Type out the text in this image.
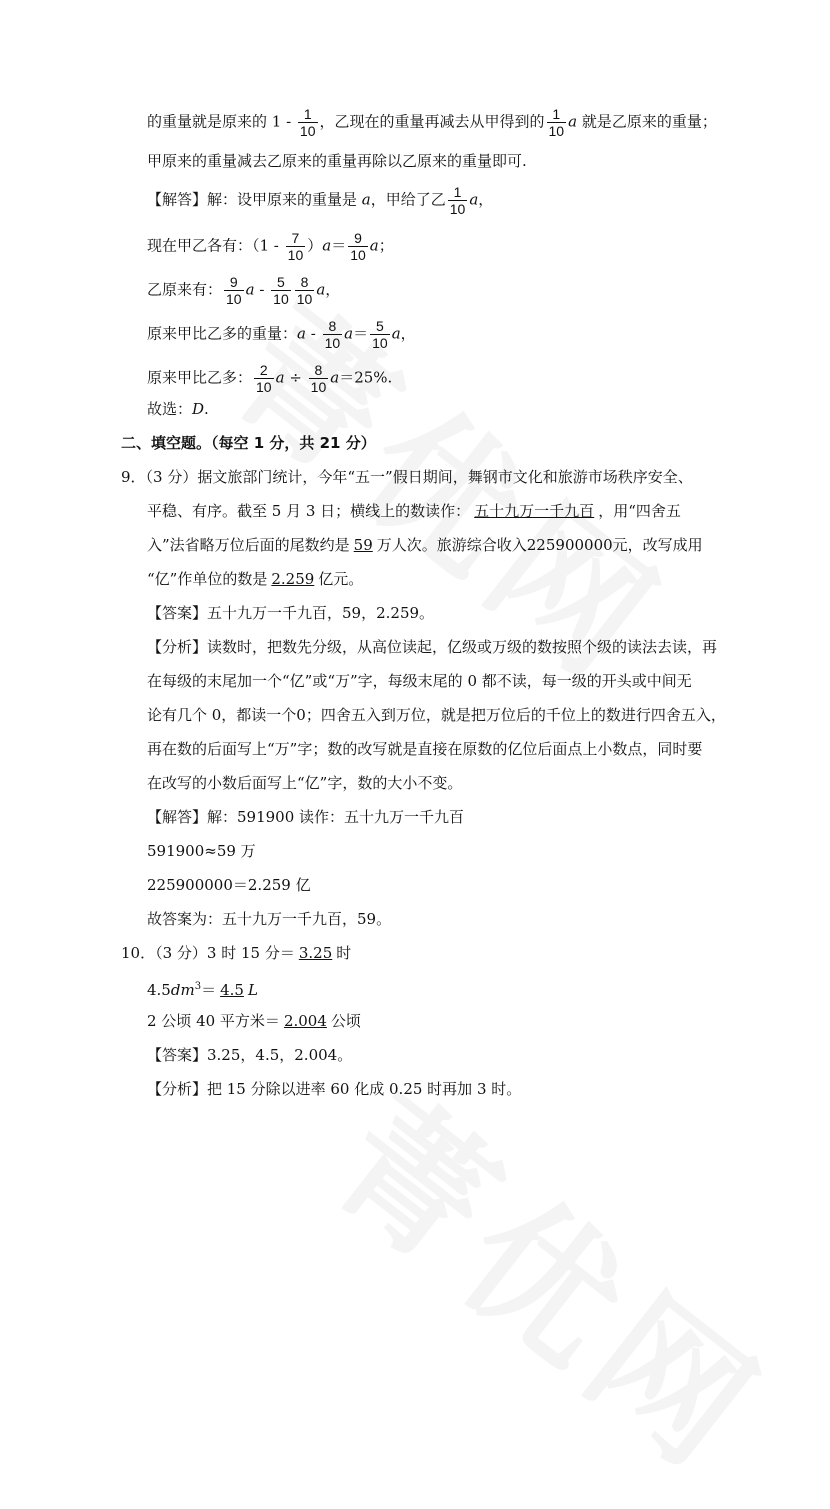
的重量就是原来的 $1 - \frac{1}{10}$ ，乙现在的重量再减去从甲得到的 $\frac{1}{10}$ a 就是乙原来的重量；
甲原来的重量减去乙原来的重量再除以乙原来的重量即可.
【解答】解：设甲原来的重量是 a，甲给了乙 $\frac{1}{10}$ a，
现在甲乙各有：$(1 - \frac{7}{10} )a= \frac{9}{10}$ a；
乙原来有： $\frac{9}{10}$ a - $\frac{5}{10} \frac{8}{10}$ a，
原来甲比乙多的重量：$a - \frac{8}{10} a= \frac{5}{10}$ a，
原来甲比乙多： $\frac{2}{10}$ $a \div \frac{8}{10} a=25\%$.
故选：D.
二、填空题。（每空 1 分，共 21 分）
9．（3 分）据文旅部门统计，今年“五一”假日期间，舞钢市文化和旅游市场秩序安全、
平稳、有序。截至 5 月 3 日；横线上的数读作： 五十九万一千九百 ，用“四舍五
入”法省略万位后面的尾数约是 59 万人次。旅游综合收入225900000元，改写成用
“亿”作单位的数是 2.259 亿元。
【答案】五十九万一千九百，59，2.259。
【分析】读数时，把数先分级，从高位读起，亿级或万级的数按照个级的读法去读，再
在每级的末尾加一个“亿”或“万”字，每级末尾的 0 都不读，每一级的开头或中间无
论有几个 0，都读一个0；四舍五入到万位，就是把万位后的千位上的数进行四舍五入，
再在数的后面写上“万”字；数的改写就是直接在原数的亿位后面点上小数点，同时要
在改写的小数后面写上“亿”字，数的大小不变。
【解答】解：591900 读作：五十九万一千九百
591900≈59 万
225900000＝2.259 亿
故答案为：五十九万一千九百，59。
10．（3 分）3 时 15 分＝ 3.25 时
$4.5dm^3= 4.5$ L
2 公顷 40 平方米＝ 2.004 公顷
【答案】3.25，4.5，2.004。
【分析】把 15 分除以进率 60 化成 0.25 时再加 3 时。
